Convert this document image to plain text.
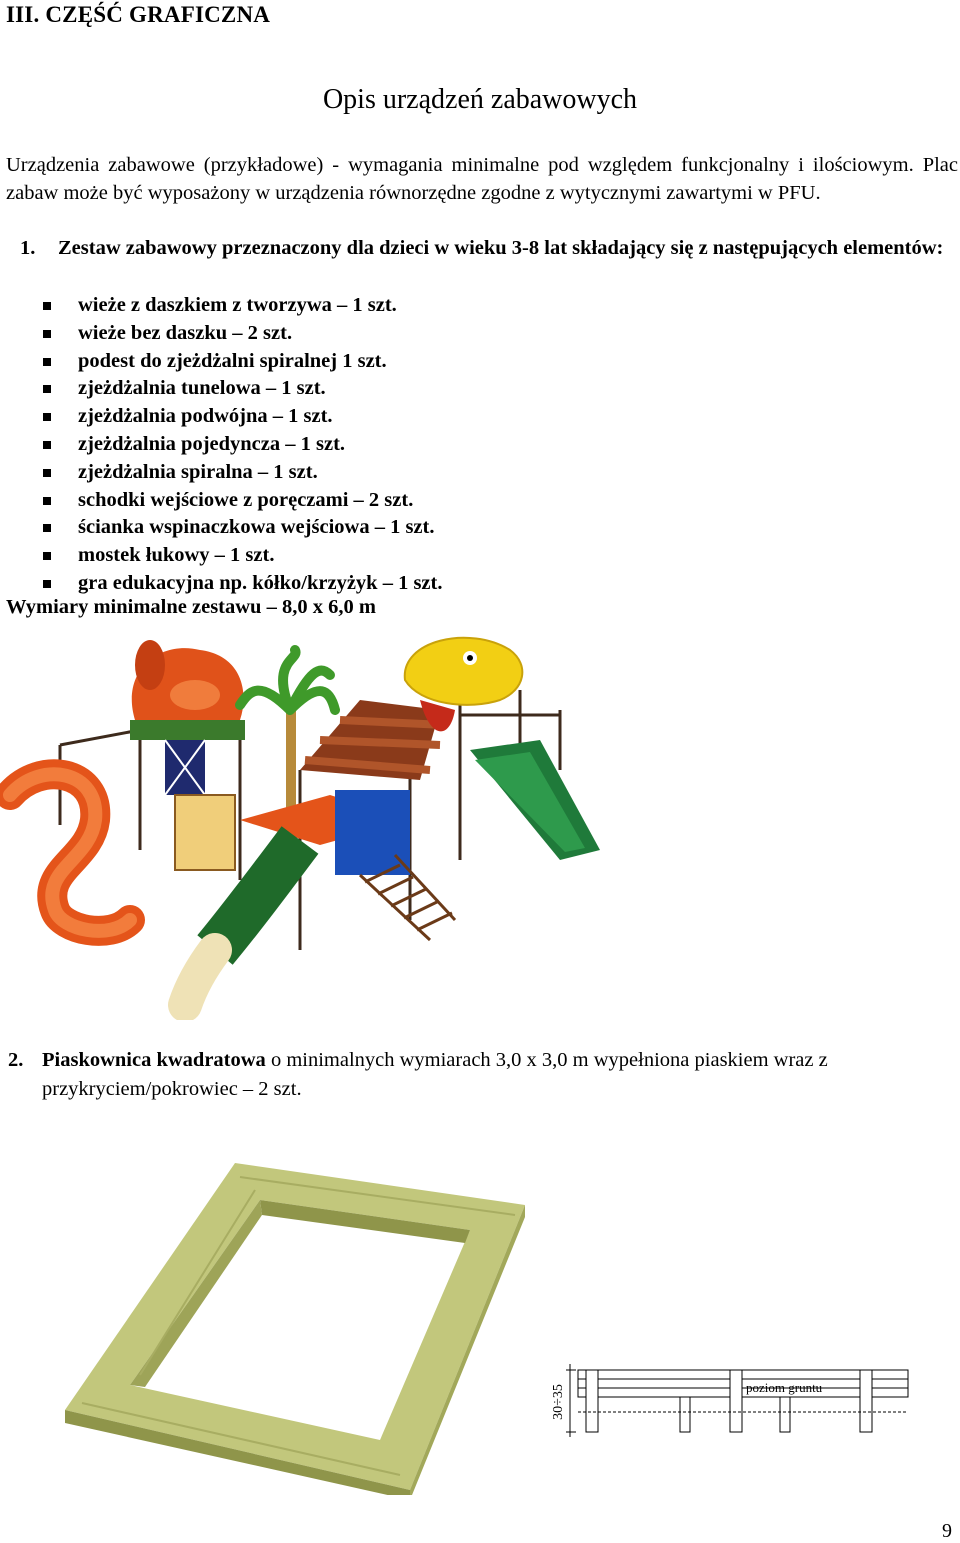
III. CZĘŚĆ GRAFICZNA
Opis urządzeń zabawowych
Urządzenia zabawowe (przykładowe) - wymagania minimalne pod względem funkcjonalny i ilościowym. Plac zabaw może być wyposażony w urządzenia równorzędne zgodne z wytycznymi zawartymi w PFU.
1. Zestaw zabawowy przeznaczony dla dzieci w wieku 3-8 lat składający się z następujących elementów:
wieże z daszkiem z tworzywa – 1 szt.
wieże bez daszku – 2 szt.
podest do zjeżdżalni spiralnej 1 szt.
zjeżdżalnia tunelowa – 1 szt.
zjeżdżalnia podwójna – 1 szt.
zjeżdżalnia pojedyncza – 1 szt.
zjeżdżalnia spiralna – 1 szt.
schodki wejściowe z poręczami – 2 szt.
ścianka wspinaczkowa wejściowa – 1 szt.
mostek łukowy – 1 szt.
gra edukacyjna np. kółko/krzyżyk – 1 szt.
Wymiary minimalne zestawu – 8,0 x 6,0 m
2. Piaskownica kwadratowa o minimalnych wymiarach 3,0 x 3,0 m wypełniona piaskiem wraz z przykryciem/pokrowiec – 2 szt.
30÷35	poziom gruntu
9
